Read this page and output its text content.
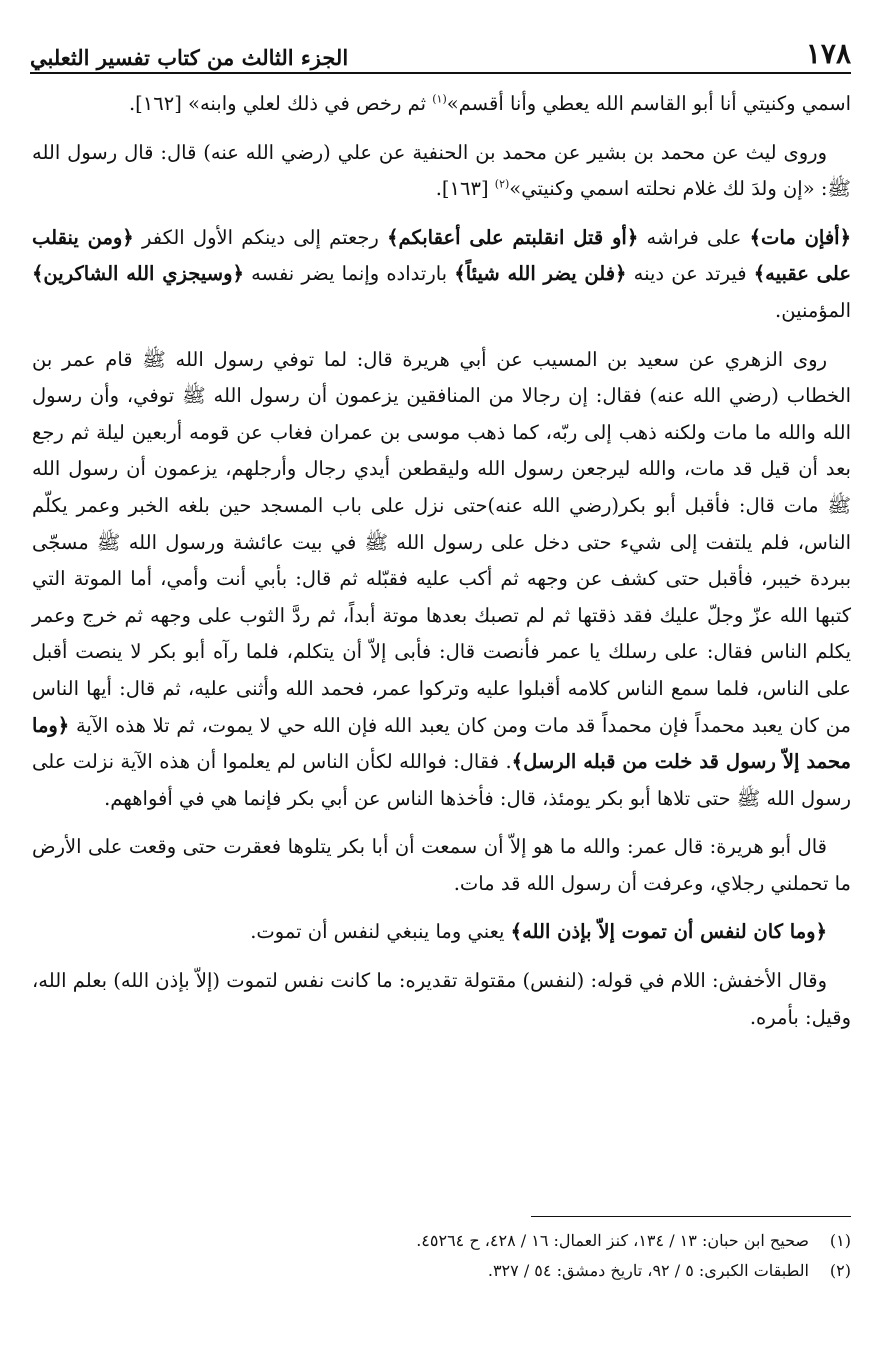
١٧٨
الجزء الثالث من كتاب تفسير الثعلبي

اسمي وكنيتي أنا أبو القاسم الله يعطي وأنا أقسم»$^{(١)}$ ثم رخص في ذلك لعلي وابنه» [١٦٢].

وروى ليث عن محمد بن بشير عن محمد بن الحنفية عن علي (رضي الله عنه) قال: قال رسول الله ﷺ: «إن ولدَ لك غلام نحلته اسمي وكنيتي»$^{(٢)}$ [١٦٣].

﴿أفإن مات﴾ على فراشه ﴿أو قتل انقلبتم على أعقابكم﴾ رجعتم إلى دينكم الأول الكفر ﴿ومن ينقلب على عقبيه﴾ فيرتد عن دينه ﴿فلن يضر الله شيئاً﴾ بارتداده وإنما يضر نفسه ﴿وسيجزي الله الشاكرين﴾ المؤمنين.

روى الزهري عن سعيد بن المسيب عن أبي هريرة قال: لما توفي رسول الله ﷺ قام عمر بن الخطاب (رضي الله عنه) فقال: إن رجالا من المنافقين يزعمون أن رسول الله ﷺ توفي، وأن رسول الله والله ما مات ولكنه ذهب إلى ربّه، كما ذهب موسى بن عمران فغاب عن قومه أربعين ليلة ثم رجع بعد أن قيل قد مات، والله ليرجعن رسول الله وليقطعن أيدي رجال وأرجلهم، يزعمون أن رسول الله ﷺ مات قال: فأقبل أبو بكر(رضي الله عنه)حتى نزل على باب المسجد حين بلغه الخبر وعمر يكلّم الناس، فلم يلتفت إلى شيء حتى دخل على رسول الله ﷺ في بيت عائشة ورسول الله ﷺ مسجّى ببردة خيبر، فأقبل حتى كشف عن وجهه ثم أكب عليه فقبّله ثم قال: بأبي أنت وأمي، أما الموتة التي كتبها الله عزّ وجلّ عليك فقد ذقتها ثم لم تصبك بعدها موتة أبداً، ثم ردَّ الثوب على وجهه ثم خرج وعمر يكلم الناس فقال: على رسلك يا عمر فأنصت قال: فأبى إلاّ أن يتكلم، فلما رآه أبو بكر لا ينصت أقبل على الناس، فلما سمع الناس كلامه أقبلوا عليه وتركوا عمر، فحمد الله وأثنى عليه، ثم قال: أيها الناس من كان يعبد محمداً فإن محمداً قد مات ومن كان يعبد الله فإن الله حي لا يموت، ثم تلا هذه الآية ﴿وما محمد إلاّ رسول قد خلت من قبله الرسل﴾. فقال: فوالله لكأن الناس لم يعلموا أن هذه الآية نزلت على رسول الله ﷺ حتى تلاها أبو بكر يومئذ، قال: فأخذها الناس عن أبي بكر فإنما هي في أفواههم.

قال أبو هريرة: قال عمر: والله ما هو إلاّ أن سمعت أن أبا بكر يتلوها فعقرت حتى وقعت على الأرض ما تحملني رجلاي، وعرفت أن رسول الله قد مات.

﴿وما كان لنفس أن تموت إلاّ بإذن الله﴾ يعني وما ينبغي لنفس أن تموت.

وقال الأخفش: اللام في قوله: (لنفس) مقتولة تقديره: ما كانت نفس لتموت (إلاّ بإذن الله) بعلم الله، وقيل: بأمره.

(١)
صحيح ابن حبان: ١٣ / ١٣٤، كنز العمال: ١٦ / ٤٢٨، ح ٤٥٢٦٤.
(٢)
الطبقات الكبرى: ٥ / ٩٢، تاريخ دمشق: ٥٤ / ٣٢٧.
